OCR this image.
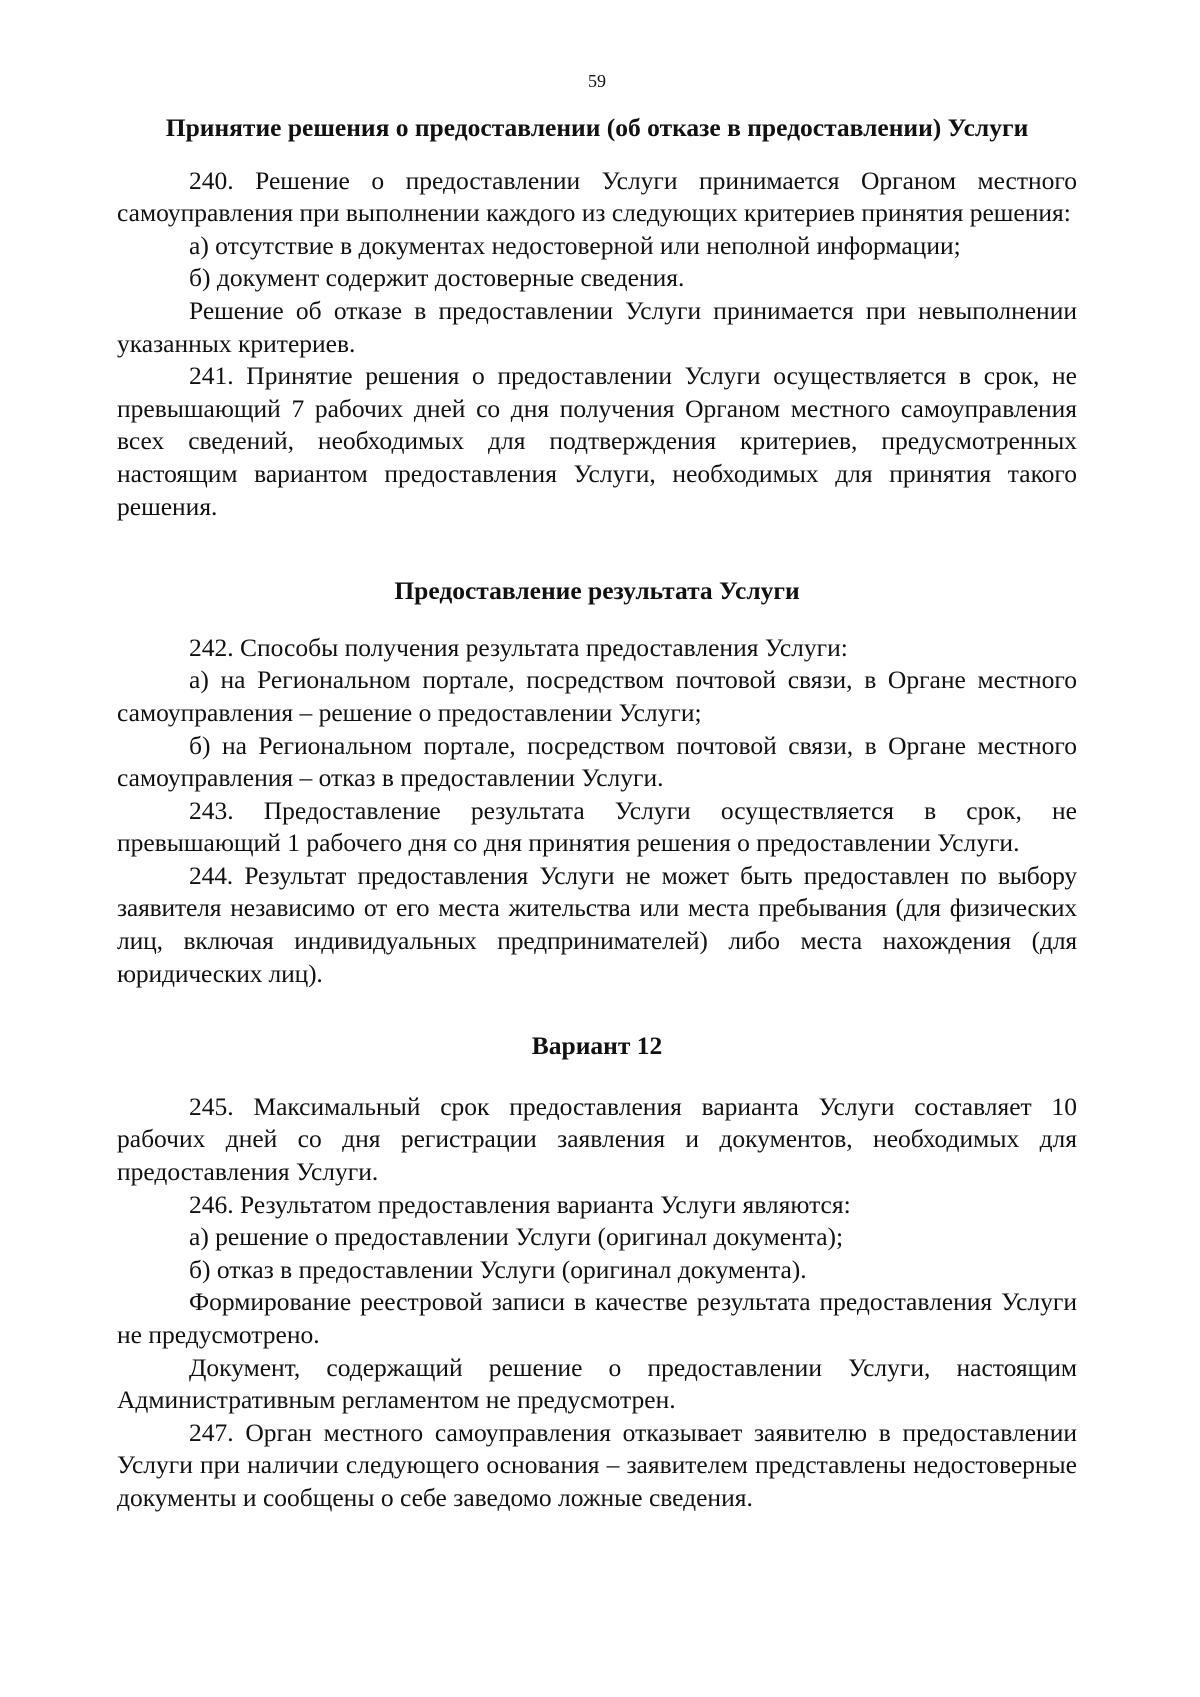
59
Принятие решения о предоставлении (об отказе в предоставлении) Услуги

240. Решение о предоставлении Услуги принимается Органом местного самоуправления при выполнении каждого из следующих критериев принятия решения:

а) отсутствие в документах недостоверной или неполной информации;

б) документ содержит достоверные сведения.

Решение об отказе в предоставлении Услуги принимается при невыполнении указанных критериев.

241. Принятие решения о предоставлении Услуги осуществляется в срок, не превышающий 7 рабочих дней со дня получения Органом местного самоуправления всех сведений, необходимых для подтверждения критериев, предусмотренных настоящим вариантом предоставления Услуги, необходимых для принятия такого решения.

Предоставление результата Услуги

242. Способы получения результата предоставления Услуги:

а) на Региональном портале, посредством почтовой связи, в Органе местного самоуправления – решение о предоставлении Услуги;

б) на Региональном портале, посредством почтовой связи, в Органе местного самоуправления – отказ в предоставлении Услуги.

243. Предоставление результата Услуги осуществляется в срок, не превышающий 1 рабочего дня со дня принятия решения о предоставлении Услуги.

244. Результат предоставления Услуги не может быть предоставлен по выбору заявителя независимо от его места жительства или места пребывания (для физических лиц, включая индивидуальных предпринимателей) либо места нахождения (для юридических лиц).

Вариант 12

245. Максимальный срок предоставления варианта Услуги составляет 10 рабочих дней со дня регистрации заявления и документов, необходимых для предоставления Услуги.

246. Результатом предоставления варианта Услуги являются:

а) решение о предоставлении Услуги (оригинал документа);

б) отказ в предоставлении Услуги (оригинал документа).

Формирование реестровой записи в качестве результата предоставления Услуги не предусмотрено.

Документ, содержащий решение о предоставлении Услуги, настоящим Административным регламентом не предусмотрен.

247. Орган местного самоуправления отказывает заявителю в предоставлении Услуги при наличии следующего основания – заявителем представлены недостоверные документы и сообщены о себе заведомо ложные сведения.
